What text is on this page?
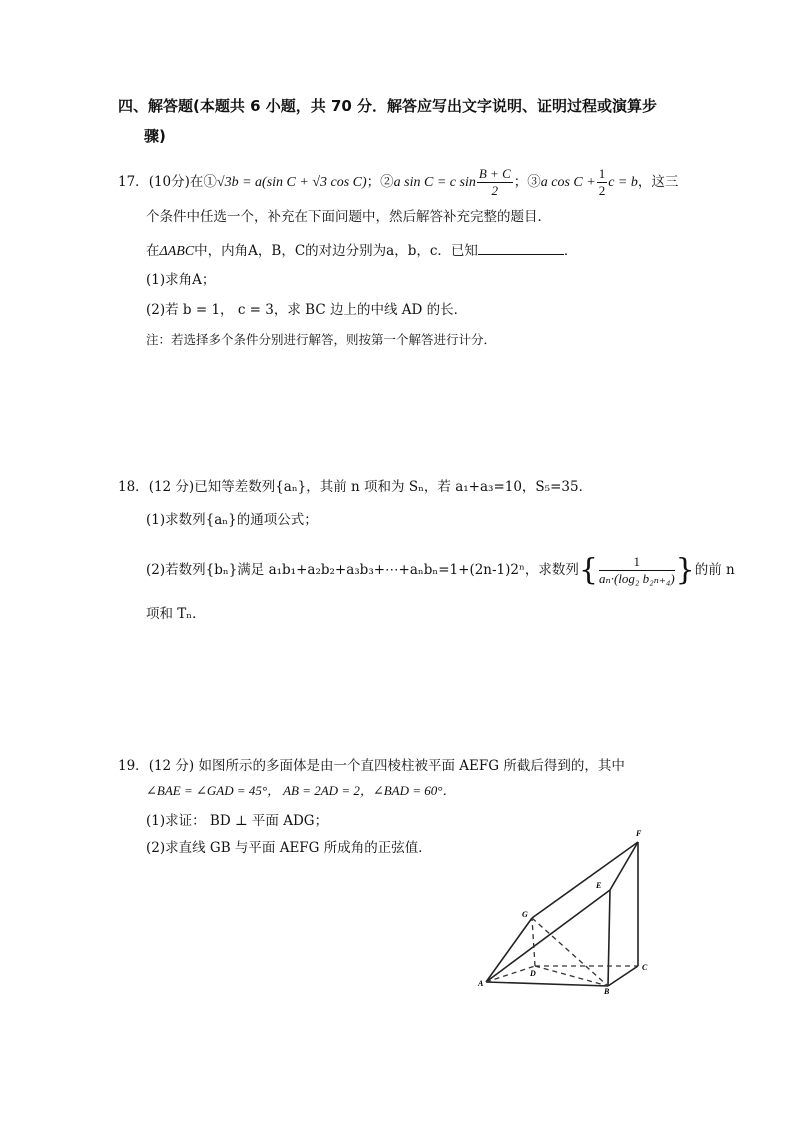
四、解答题(本题共 6 小题，共 70 分．解答应写出文字说明、证明过程或演算步
骤)
17．(10分)在①√3b = a(sin C + √3 cos C)；②a sin C = c $\sin \frac{B + C}{2}$ ；③a $\cos C + \frac{1}{2}$ c = b，这三
个条件中任选一个，补充在下面问题中，然后解答补充完整的题目．
在ΔABC中，内角A，B，C的对边分别为a，b，c．已知	．
(1)求角A；
(2)若 b = 1， c = 3，求 BC 边上的中线 AD 的长．
注：若选择多个条件分别进行解答，则按第一个解答进行计分．
18．(12 分)已知等差数列{aₙ}，其前 n 项和为 Sₙ，若 a₁+a₃=10，S₅=35．
(1)求数列{aₙ}的通项公式；
(2)若数列{bₙ}满足 a₁b₁+a₂b₂+a₃b₃+⋯+aₙbₙ=1+(2n-1)2ⁿ，求数列{ $\frac{1}{\text{aₙ·(log₂ b₂ₙ₊₄)}}$ }的前 n
项和 Tₙ．
19．(12 分) 如图所示的多面体是由一个直四棱柱被平面 AEFG 所截后得到的，其中
∠BAE = ∠GAD = 45°， AB = 2AD = 2，∠BAD = 60°．
(1)求证： BD ⊥ 平面 ADG；
(2)求直线 GB 与平面 AEFG 所成角的正弦值．
A
B
C
D
E
F
G
